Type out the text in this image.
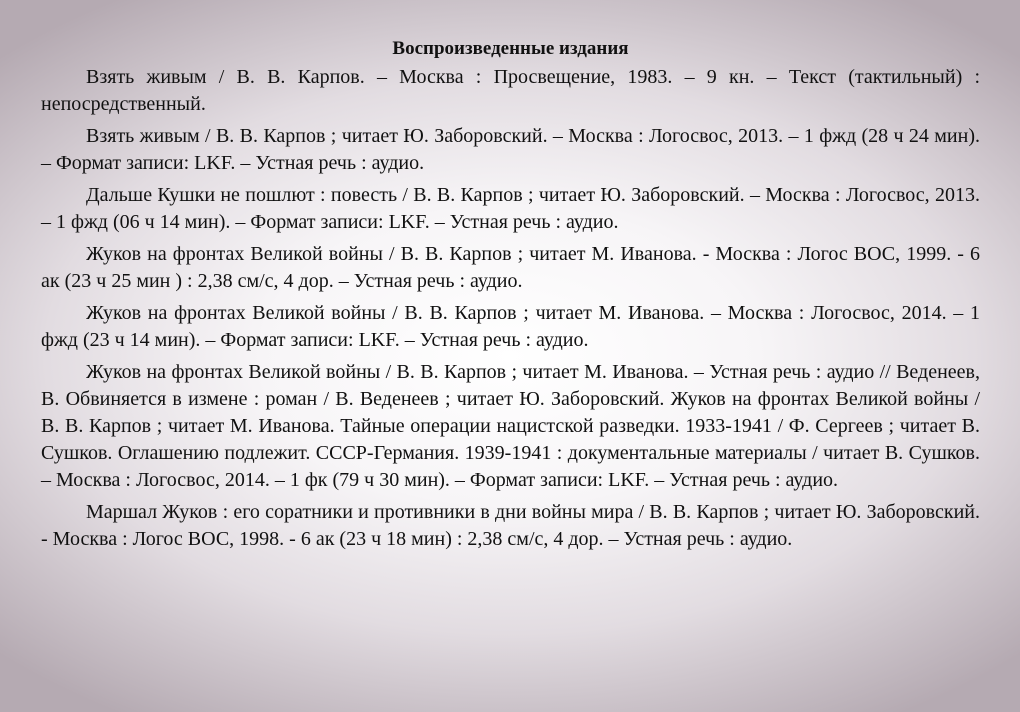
Воспроизведенные издания

Взять живым / В. В. Карпов. – Москва : Просвещение, 1983. – 9 кн. – Текст (тактильный) : непосредственный.

Взять живым / В. В. Карпов ; читает Ю. Заборовский. – Москва : Логосвос, 2013. – 1 фжд (28 ч 24 мин). – Формат записи: LKF. – Устная речь : аудио.

Дальше Кушки не пошлют : повесть / В. В. Карпов ; читает Ю. Заборовский. – Москва : Логосвос, 2013. – 1 фжд (06 ч 14 мин). – Формат записи: LKF. – Устная речь : аудио.

Жуков на фронтах Великой войны / В. В. Карпов ; читает М. Иванова. - Москва : Логос ВОС, 1999. - 6 ак (23 ч 25 мин ) : 2,38 см/с, 4 дор. – Устная речь : аудио.

Жуков на фронтах Великой войны / В. В. Карпов ; читает М. Иванова. – Москва : Логосвос, 2014. – 1 фжд (23 ч 14 мин). – Формат записи: LKF. – Устная речь : аудио.

Жуков на фронтах Великой войны / В. В. Карпов ; читает М. Иванова. – Устная речь : аудио // Веденеев, В. Обвиняется в измене : роман / В. Веденеев ; читает Ю. Заборовский. Жуков на фронтах Великой войны / В. В. Карпов ; читает М. Иванова. Тайные операции нацистской разведки. 1933-1941 / Ф. Сергеев ; читает В. Сушков. Оглашению подлежит. СССР-Германия. 1939-1941 : документальные материалы / читает В. Сушков. – Москва : Логосвос, 2014. – 1 фк (79 ч 30 мин). – Формат записи: LKF. – Устная речь : аудио.

Маршал Жуков : его соратники и противники в дни войны мира / В. В. Карпов ; читает Ю. Заборовский. - Москва : Логос ВОС, 1998. - 6 ак (23 ч 18 мин) : 2,38 см/с, 4 дор. – Устная речь : аудио.
